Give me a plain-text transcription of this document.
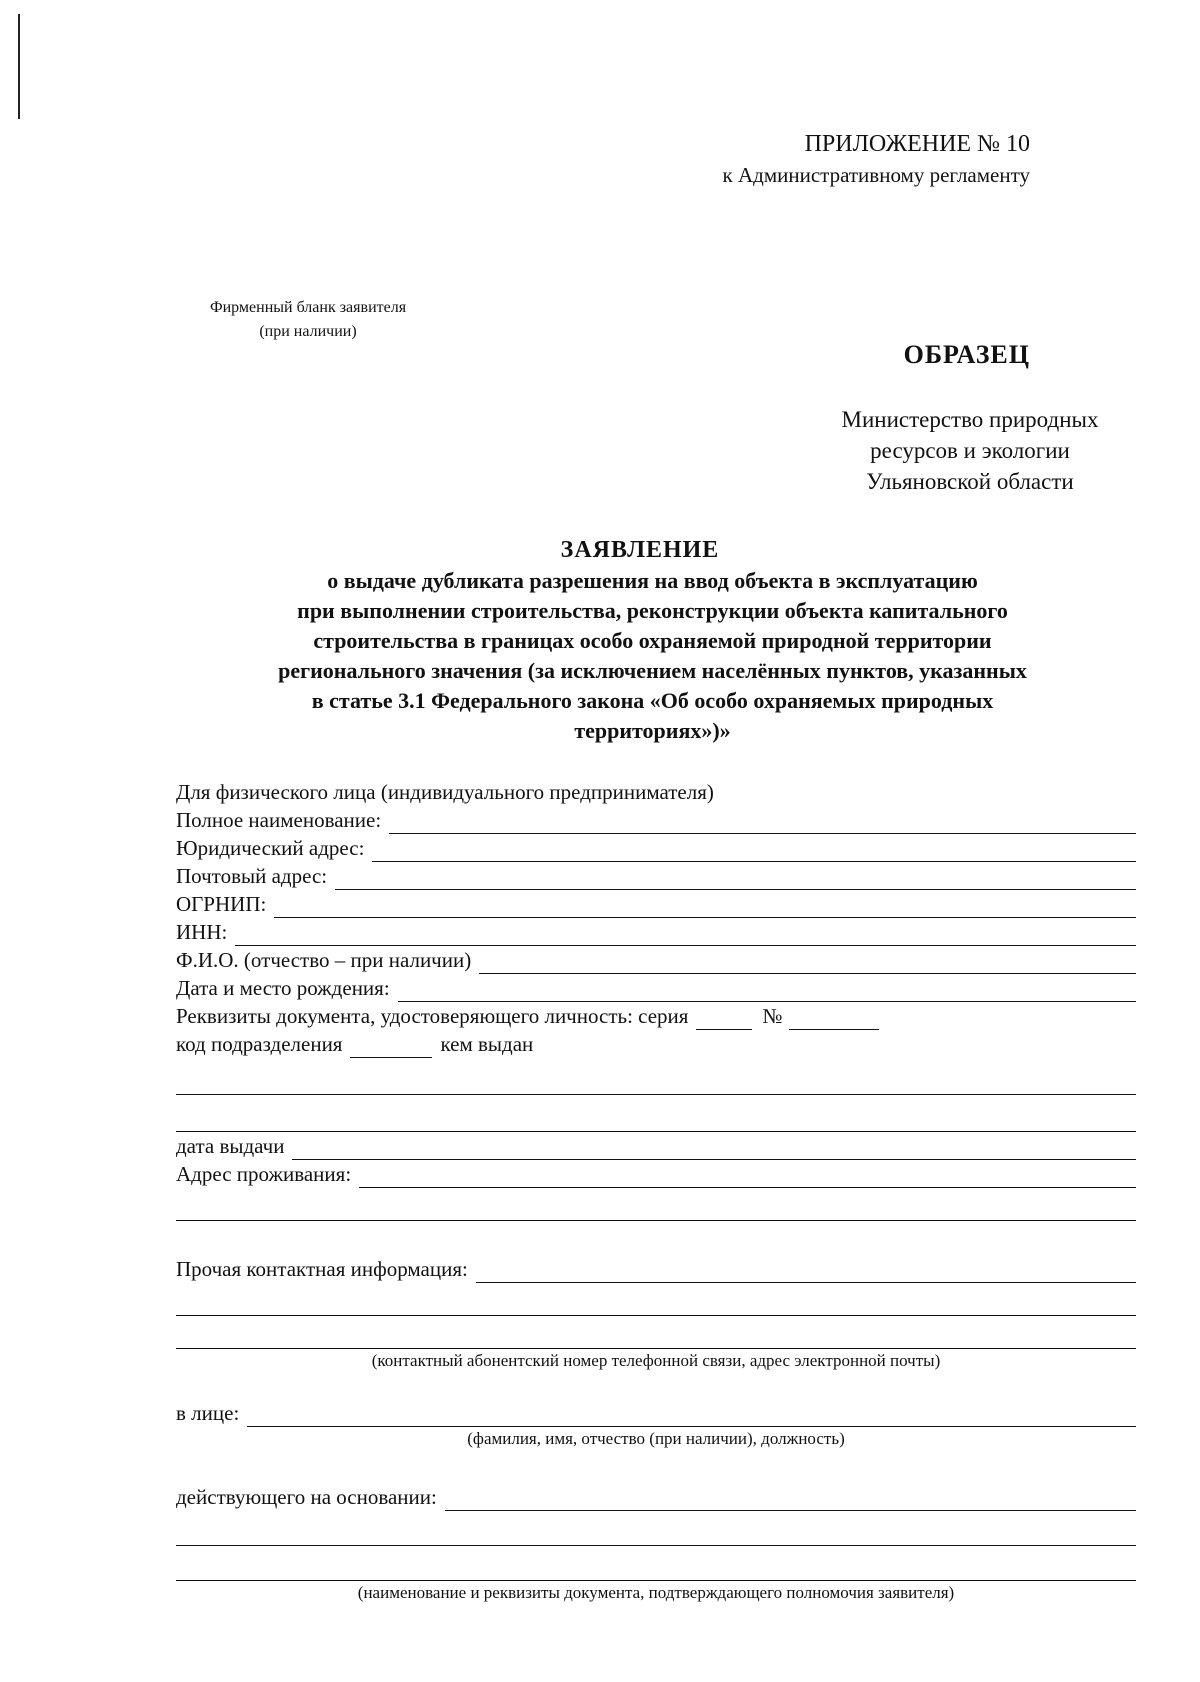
ПРИЛОЖЕНИЕ № 10
к Административному регламенту
Фирменный бланк заявителя
(при наличии)
ОБРАЗЕЦ
Министерство природных
ресурсов и экологии
Ульяновской области
ЗАЯВЛЕНИЕ
о выдаче дубликата разрешения на ввод объекта в эксплуатацию
при выполнении строительства, реконструкции объекта капитального
строительства в границах особо охраняемой природной территории
регионального значения (за исключением населённых пунктов, указанных
в статье 3.1 Федерального закона «Об особо охраняемых природных
территориях»)»
Для физического лица (индивидуального предпринимателя)
Полное наименование:
Юридический адрес:
Почтовый адрес:
ОГРНИП:
ИНН:
Ф.И.О. (отчество – при наличии)
Дата и место рождения:
Реквизиты документа, удостоверяющего личность: серия	№
код подразделения	кем выдан
дата выдачи
Адрес проживания:
Прочая контактная информация:
(контактный абонентский номер телефонной связи, адрес электронной почты)
в лице:
(фамилия, имя, отчество (при наличии), должность)
действующего на основании:
(наименование и реквизиты документа, подтверждающего полномочия заявителя)
